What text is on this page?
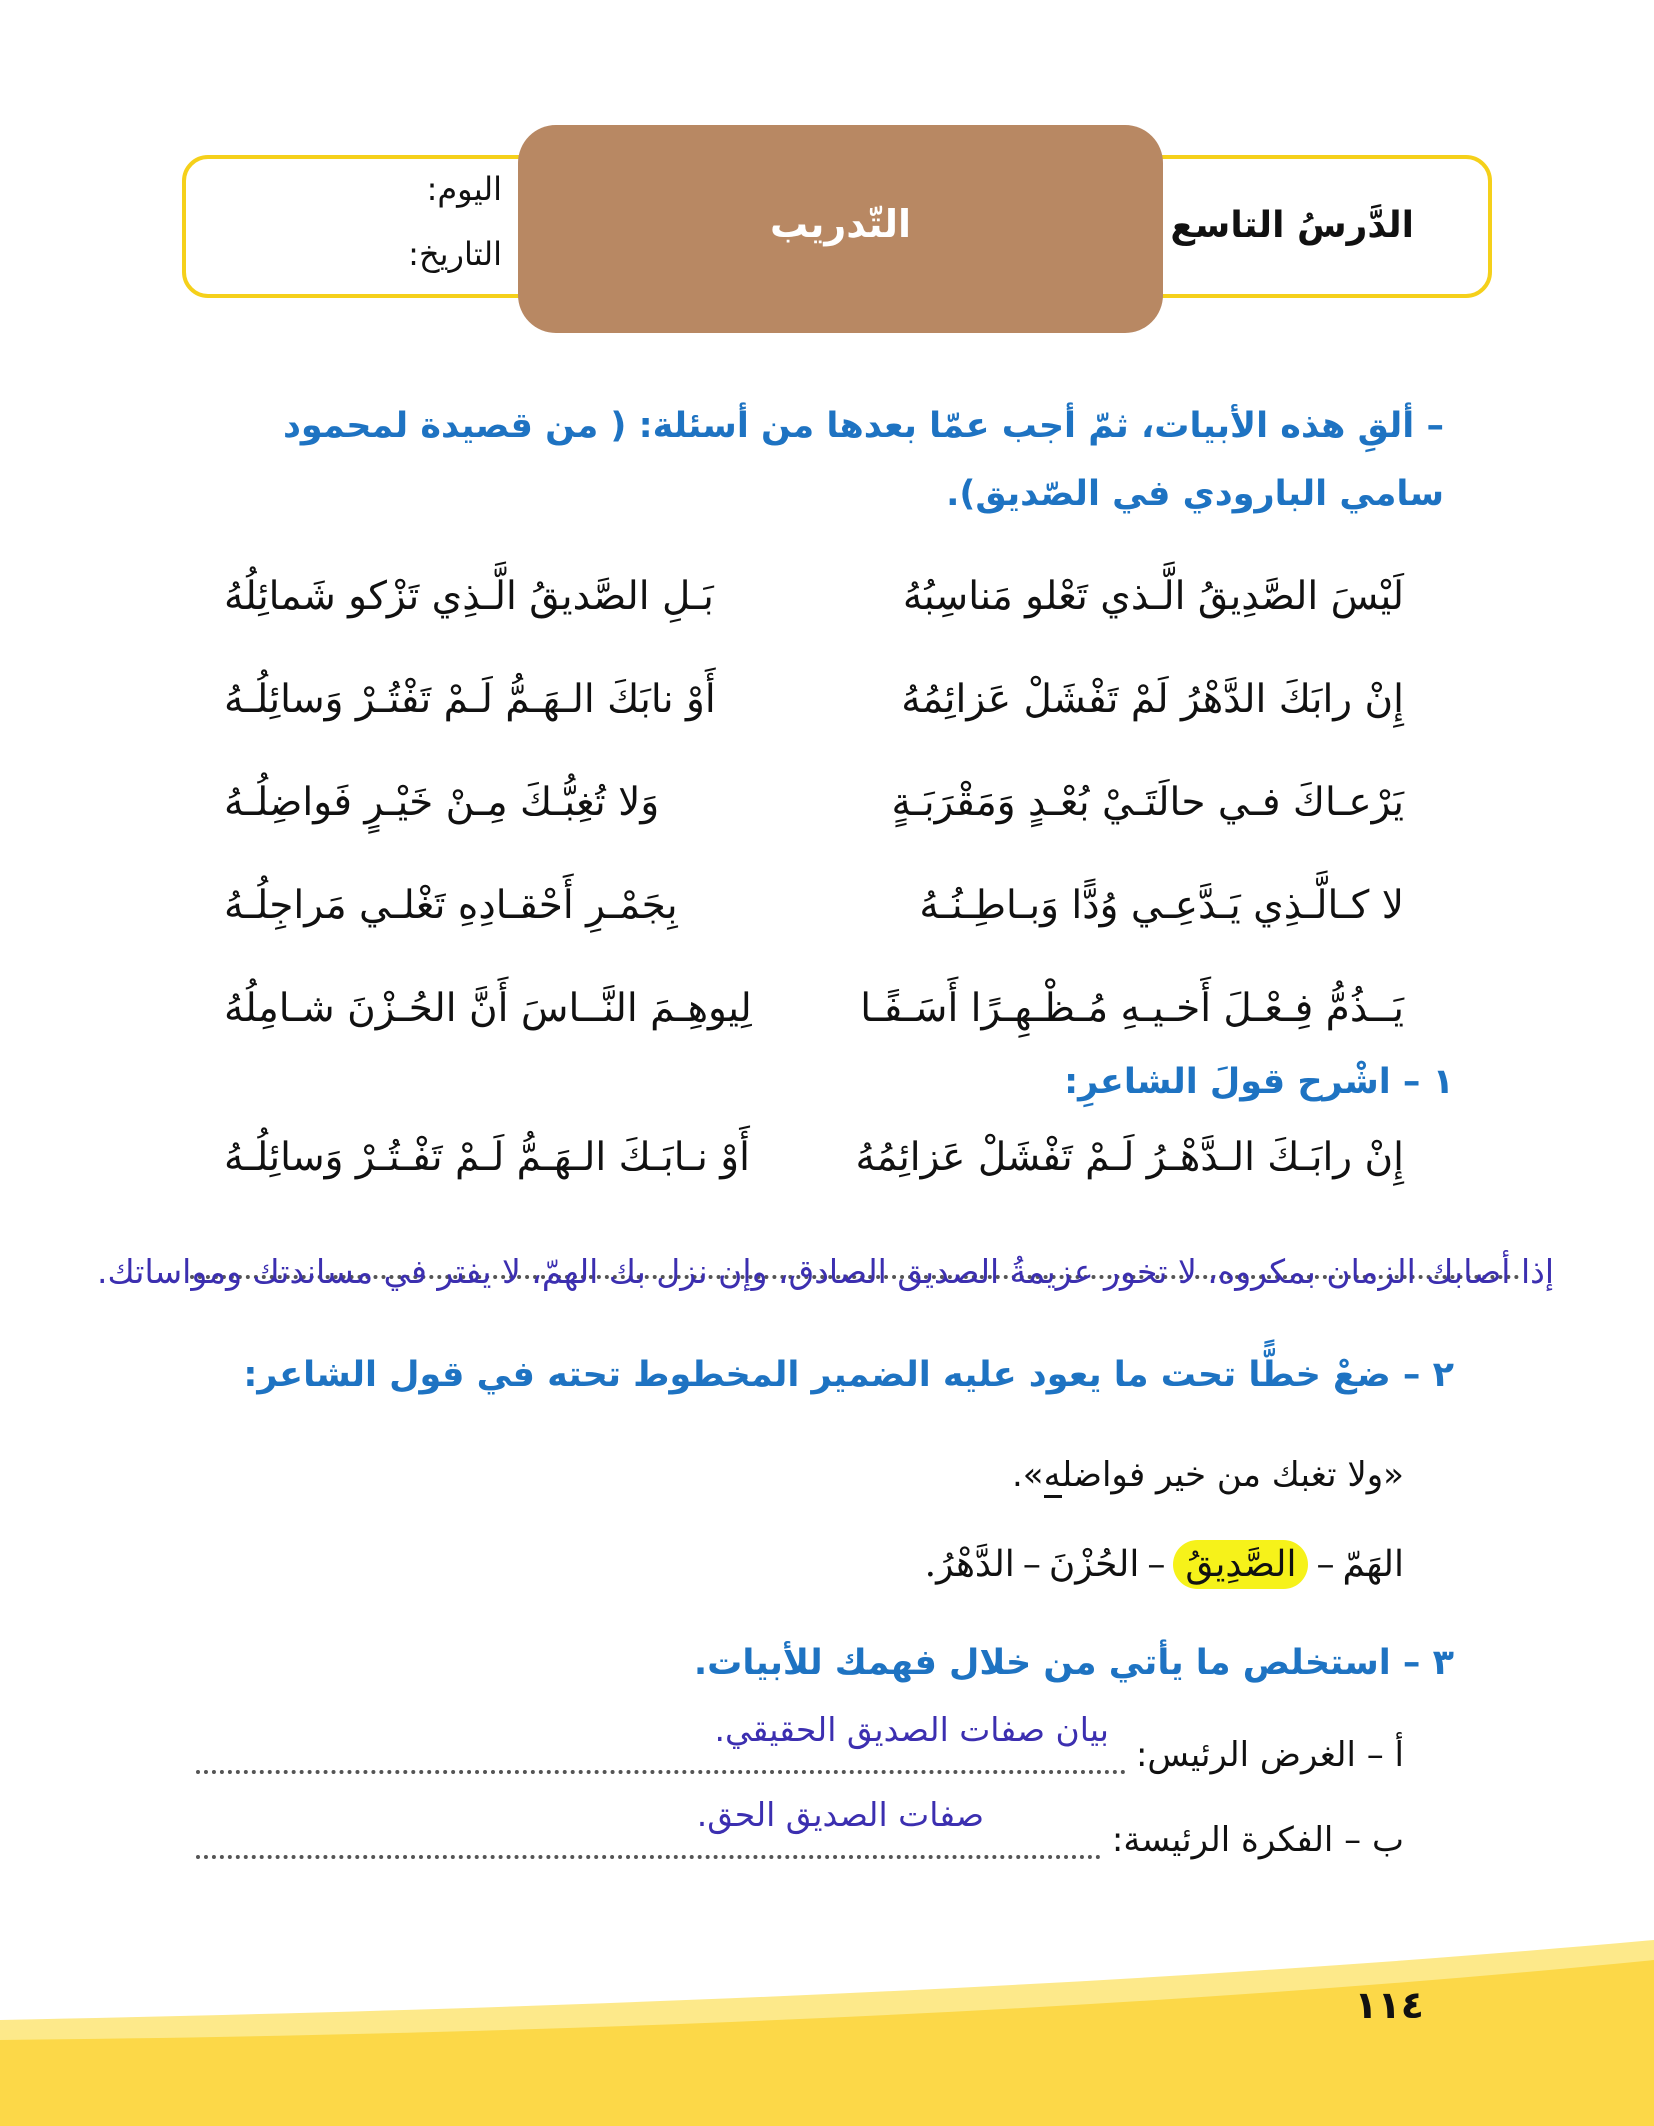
التّدريب	الدَّرسُ التاسع
اليوم:
التاريخ:
– ألقِ هذه الأبيات، ثمّ أجب عمّا بعدها من أسئلة: ( من قصيدة لمحمود سامي البارودي في الصّديق).
لَيْسَ الصَّدِيقُ الَّـذي تَعْلو مَناسِبُهُ
بَـلِ الصَّديقُ الَّـذِي تَزْكو شَمائِلُهُ
إِنْ رابَكَ الدَّهْرُ لَمْ تَفْشَلْ عَزائِمُهُ
أَوْ نابَكَ الـهَـمُّ لَـمْ تَفْتُـرْ وَسائِلُـهُ
يَرْعـاكَ فـي حالَتَـيْ بُعْـدٍ وَمَقْرَبَـةٍ
وَلا تُغِبُّـكَ مِـنْ خَيْـرٍ فَواضِلُـهُ
لا كـالَّـذِي يَـدَّعِـي وُدًّا وَبـاطِـنُـهُ
بِجَمْـرِ أَحْقـادِهِ تَغْلـي مَراجِلُـهُ
يَــذُمُّ فِـعْـلَ أَخـيـهِ مُـظْـهِـرًا أَسَـفًـا
لِيوهِـمَ النَّــاسَ أَنَّ الحُـزْنَ شـامِلُهُ
١ – اشْرح قولَ الشاعرِ:
إِنْ رابَـكَ الـدَّهْـرُ لَـمْ تَفْشَلْ عَزائِمُهُ
أَوْ نـابَـكَ الـهَـمُّ لَـمْ تَفْـتُـرْ وَسائِلُـهُ
إذا أصابك الزمان بمكروه، لا تخور عزيمةُ الصديق الصادق، وإن نزل بك الهمّ، لا يفتر في مساندتك ومواساتك.
٢ – ضعْ خطًّا تحت ما يعود عليه الضمير المخطوط تحته في قول الشاعر:
«ولا تغبك من خير فواضله».
الهَمّ
–
الصَّدِيقُ
–
الحُزْنَ
–
الدَّهْرُ.
٣ – استخلص ما يأتي من خلال فهمك للأبيات.
أ – الغرض الرئيس:
بيان صفات الصديق الحقيقي.
ب – الفكرة الرئيسة:
صفات الصديق الحق.
١١٤
